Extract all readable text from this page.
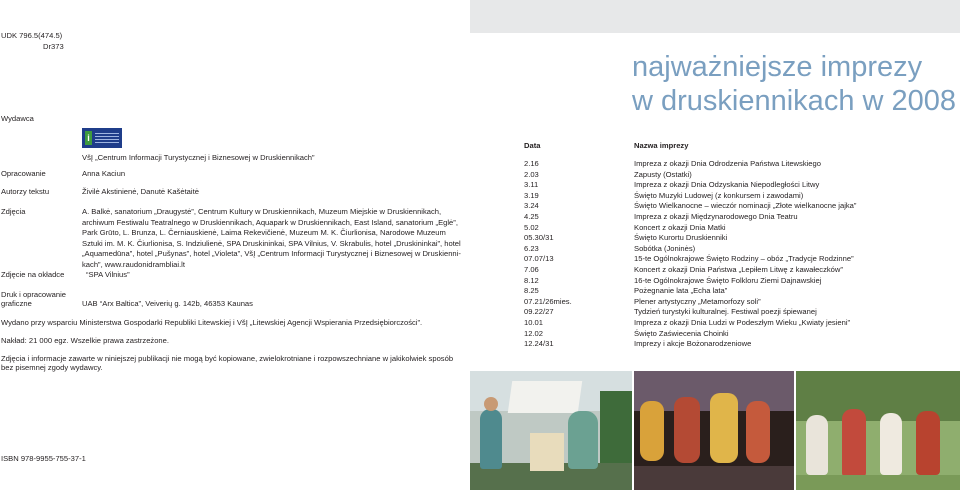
UDK 796.5(474.5)
Dr373
najważniejsze imprezy
w druskiennikach w 2008
Wydawca
i
VšĮ „Centrum Informacji Turystycznej i Biznesowej w Druskiennikach”
Opracowanie	Anna Kaciun
Autorzy tekstu	Živilė Akstinienė, Danutė Kašėtaitė
Zdjęcia	A. Balkė, sanatorium „Draugystė”, Centrum Kultury w Druskiennikach, Muzeum Miejskie w Druskiennikach,
archiwum Festiwalu Teatralnego w Druskiennikach, Aquapark w Druskiennikach, East Island, sanatorium „Eglė”,
Park Grūto, L. Brunza, L. Černiauskienė, Laima Rekevičienė, Muzeum M. K. Čiurlionisa, Narodowe Muzeum
Sztuki im. M. K. Čiurlionisa, S. Indziulienė, SPA Druskininkai, SPA Vilnius, V. Skrabulis, hotel „Druskininkai”, hotel
„Aquamedūna”, hotel „Pušynas”, hotel „Violeta”, VšĮ „Centrum Informacji Turystycznej i Biznesowej w Druskienni-
kach”, www.raudonidrambliai.lt
Zdjęcie na okładce	“SPA Vilnius”
Druk i opracowanie
graficzne	UAB “Arx Baltica”, Veiverių g. 142b, 46353 Kaunas
Wydano przy wsparciu Ministerstwa Gospodarki Republiki Litewskiej i VšĮ „Litewskiej Agencji Wspierania Przedsiębiorczości”.
Nakład: 21 000 egz. Wszelkie prawa zastrzeżone.
Zdjęcia i informacje zawarte w niniejszej publikacji nie mogą być kopiowane, zwielokrotniane i rozpowszechniane w jakikolwiek sposób
bez pisemnej zgody wydawcy.
ISBN 978-9955-755-37-1
Data	Nazwa imprezy
2.16	Impreza z okazji Dnia Odrodzenia Państwa Litewskiego
2.03	Zapusty (Ostatki)
3.11	Impreza z okazji Dnia Odzyskania Niepodległości Litwy
3.19	Święto Muzyki Ludowej (z konkursem i zawodami)
3.24	Święto Wielkanocne – wieczór nominacji „Złote wielkanocne jajka”
4.25	Impreza z okazji Międzynarodowego Dnia Teatru
5.02	Koncert z okazji Dnia Matki
05.30/31	Święto Kurortu Druskienniki
6.23	Sobótka (Joninės)
07.07/13	15-te Ogólnokrajowe Święto Rodziny – obóz „Tradycje Rodzinne”
7.06	Koncert z okazji Dnia Państwa „Lepiłem Litwę z kawałeczków”
8.12	16-te Ogólnokrajowe Święto Folkloru Ziemi Dajnawskiej
8.25	Pożegnanie lata „Echa lata”
07.21/26mies.	Plener artystyczny „Metamorfozy soli”
09.22/27	Tydzień turystyki kulturalnej. Festiwal poezji śpiewanej
10.01	Impreza z okazji Dnia Ludzi w Podeszłym Wieku „Kwiaty jesieni”
12.02	Święto Zaświecenia Choinki
12.24/31	Imprezy i akcje Bożonarodzeniowe
